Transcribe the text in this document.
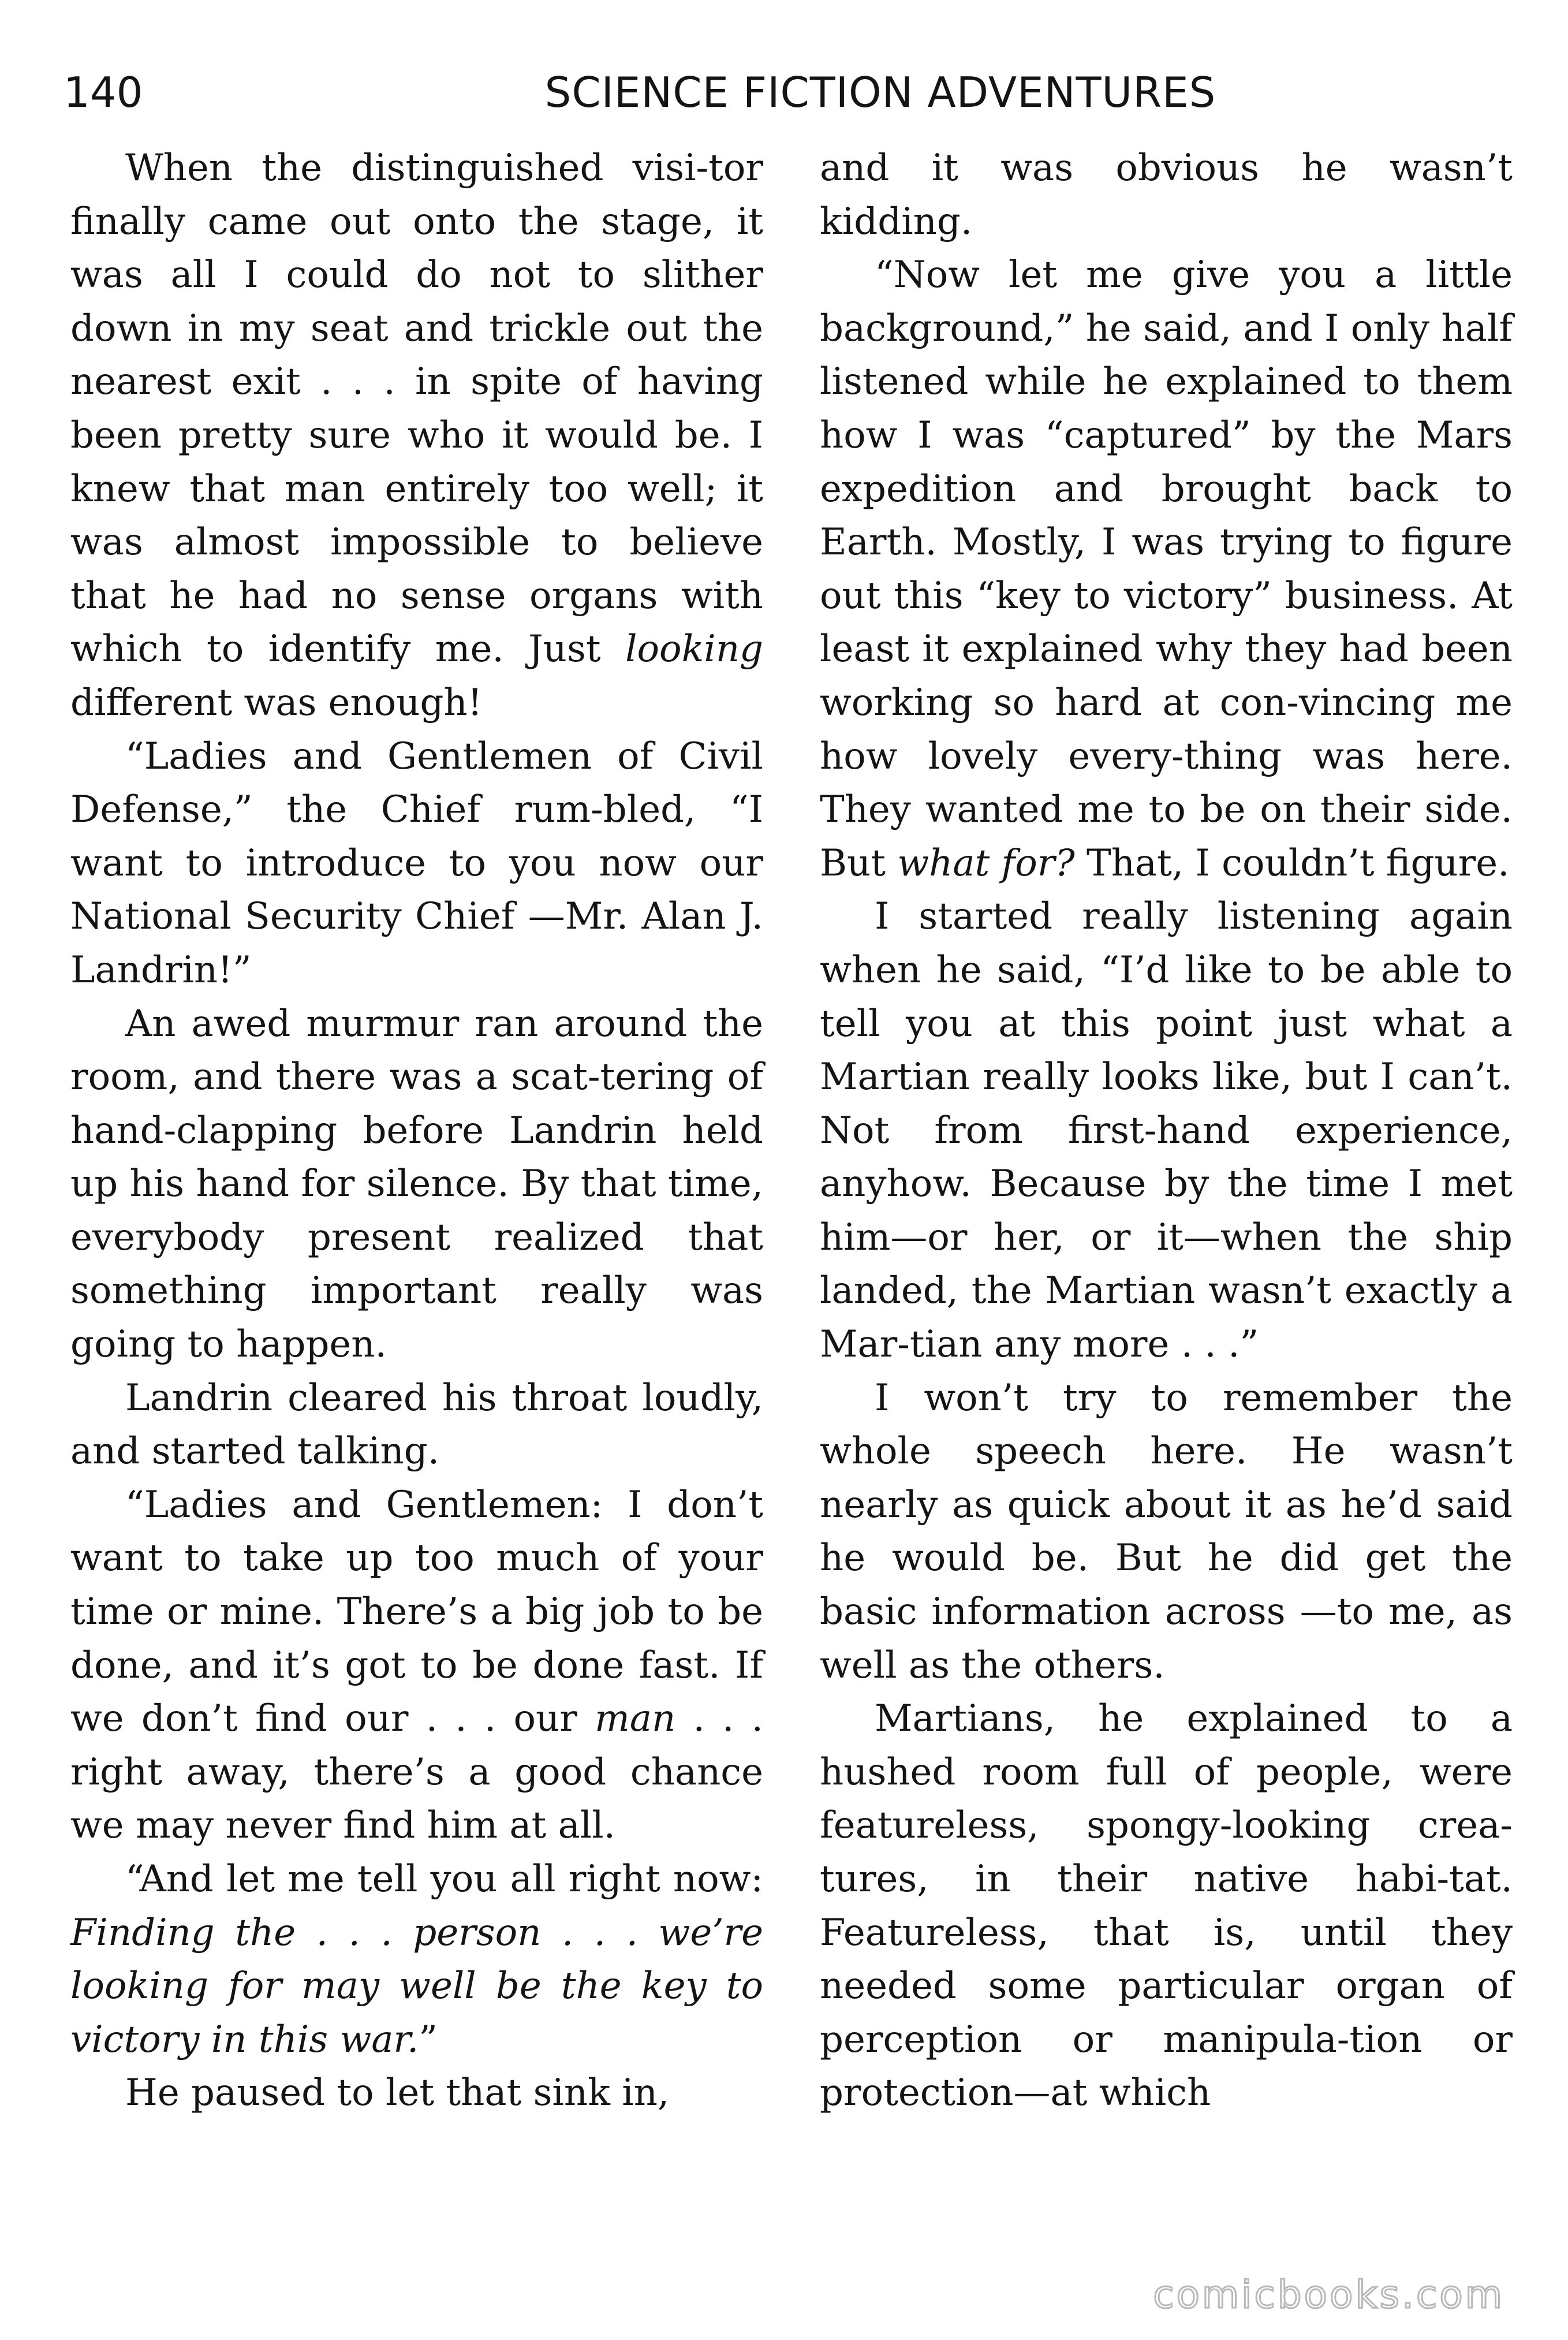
140	SCIENCE FICTION ADVENTURES

When the distinguished visi-tor finally came out onto the stage, it was all I could do not to slither down in my seat and trickle out the nearest exit . . . in spite of having been pretty sure who it would be. I knew that man entirely too well; it was almost impossible to believe that he had no sense organs with which to identify me. Just looking different was enough!

“Ladies and Gentlemen of Civil Defense,” the Chief rum-bled, “I want to introduce to you now our National Security Chief —Mr. Alan J. Landrin!”

An awed murmur ran around the room, and there was a scat-tering of hand-clapping before Landrin held up his hand for silence. By that time, everybody present realized that something important really was going to happen.

Landrin cleared his throat loudly, and started talking.

“Ladies and Gentlemen: I don’t want to take up too much of your time or mine. There’s a big job to be done, and it’s got to be done fast. If we don’t find our . . . our man . . . right away, there’s a good chance we may never find him at all.

“And let me tell you all right now: Finding the . . . person . . . we’re looking for may well be the key to victory in this war.”

He paused to let that sink in,

and it was obvious he wasn’t kidding.

“Now let me give you a little background,” he said, and I only half listened while he explained to them how I was “captured” by the Mars expedition and brought back to Earth. Mostly, I was trying to figure out this “key to victory” business. At least it explained why they had been working so hard at con-vincing me how lovely every-thing was here. They wanted me to be on their side. But what for? That, I couldn’t figure.

I started really listening again when he said, “I’d like to be able to tell you at this point just what a Martian really looks like, but I can’t. Not from first-hand experience, anyhow. Because by the time I met him—or her, or it—when the ship landed, the Martian wasn’t exactly a Mar-tian any more . . .”

I won’t try to remember the whole speech here. He wasn’t nearly as quick about it as he’d said he would be. But he did get the basic information across —to me, as well as the others.

Martians, he explained to a hushed room full of people, were featureless, spongy-looking crea-tures, in their native habi-tat. Featureless, that is, until they needed some particular organ of perception or manipula-tion or protection—at which

comicbooks.com
